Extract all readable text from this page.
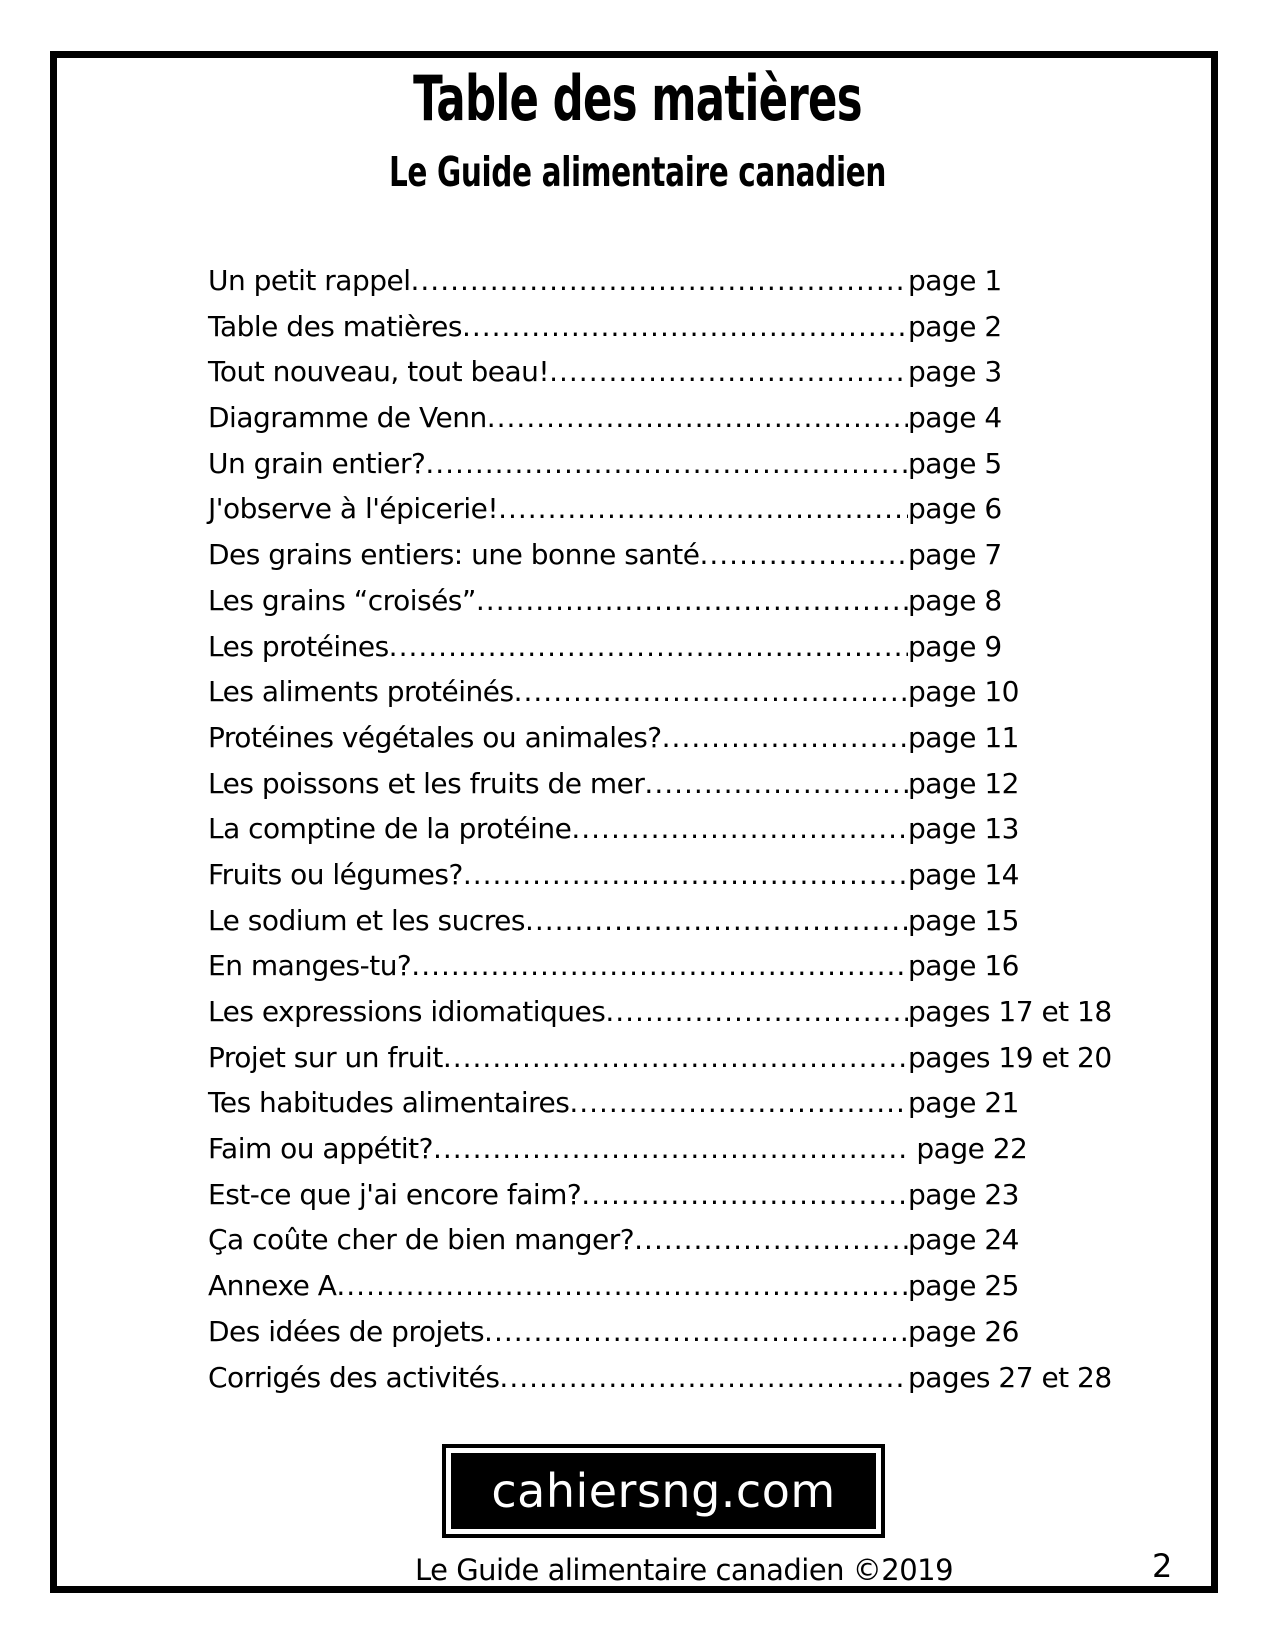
Table des matières
Le Guide alimentaire canadien
Un petit rappel .....	page 1
Table des matières .....	page 2
Tout nouveau, tout beau! .....	page 3
Diagramme de Venn .....	page 4
Un grain entier? .....	page 5
J'observe à l'épicerie! .....	page 6
Des grains entiers: une bonne santé .....	page 7
Les grains “croisés” .....	page 8
Les protéines .....	page 9
Les aliments protéinés .....	page 10
Protéines végétales ou animales? .....	page 11
Les poissons et les fruits de mer .....	page 12
La comptine de la protéine .....	page 13
Fruits ou légumes? .....	page 14
Le sodium et les sucres .....	page 15
En manges-tu? .....	page 16
Les expressions idiomatiques .....	pages 17 et 18
Projet sur un fruit .....	pages 19 et 20
Tes habitudes alimentaires .....	page 21
Faim ou appétit? .....	page 22
Est-ce que j'ai encore faim? .....	page 23
Ça coûte cher de bien manger? .....	page 24
Annexe A .....	page 25
Des idées de projets .....	page 26
Corrigés des activités .....	pages 27 et 28
cahiersng.com
Le Guide alimentaire canadien ©2019	2
